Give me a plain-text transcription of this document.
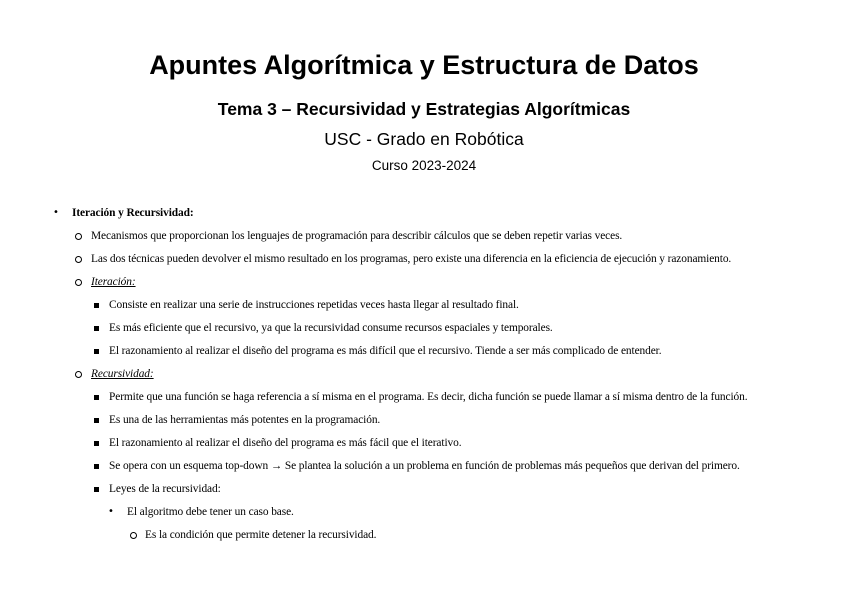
Apuntes Algorítmica y Estructura de Datos
Tema 3 – Recursividad y Estrategias Algorítmicas
USC - Grado en Robótica
Curso 2023-2024
• Iteración y Recursividad:
Mecanismos que proporcionan los lenguajes de programación para describir cálculos que se deben repetir varias veces.
Las dos técnicas pueden devolver el mismo resultado en los programas, pero existe una diferencia en la eficiencia de ejecución y razonamiento.
Iteración:
Consiste en realizar una serie de instrucciones repetidas veces hasta llegar al resultado final.
Es más eficiente que el recursivo, ya que la recursividad consume recursos espaciales y temporales.
El razonamiento al realizar el diseño del programa es más difícil que el recursivo. Tiende a ser más complicado de entender.
Recursividad:
Permite que una función se haga referencia a sí misma en el programa. Es decir, dicha función se puede llamar a sí misma dentro de la función.
Es una de las herramientas más potentes en la programación.
El razonamiento al realizar el diseño del programa es más fácil que el iterativo.
Se opera con un esquema top-down → Se plantea la solución a un problema en función de problemas más pequeños que derivan del primero.
Leyes de la recursividad:
• El algoritmo debe tener un caso base.
Es la condición que permite detener la recursividad.
